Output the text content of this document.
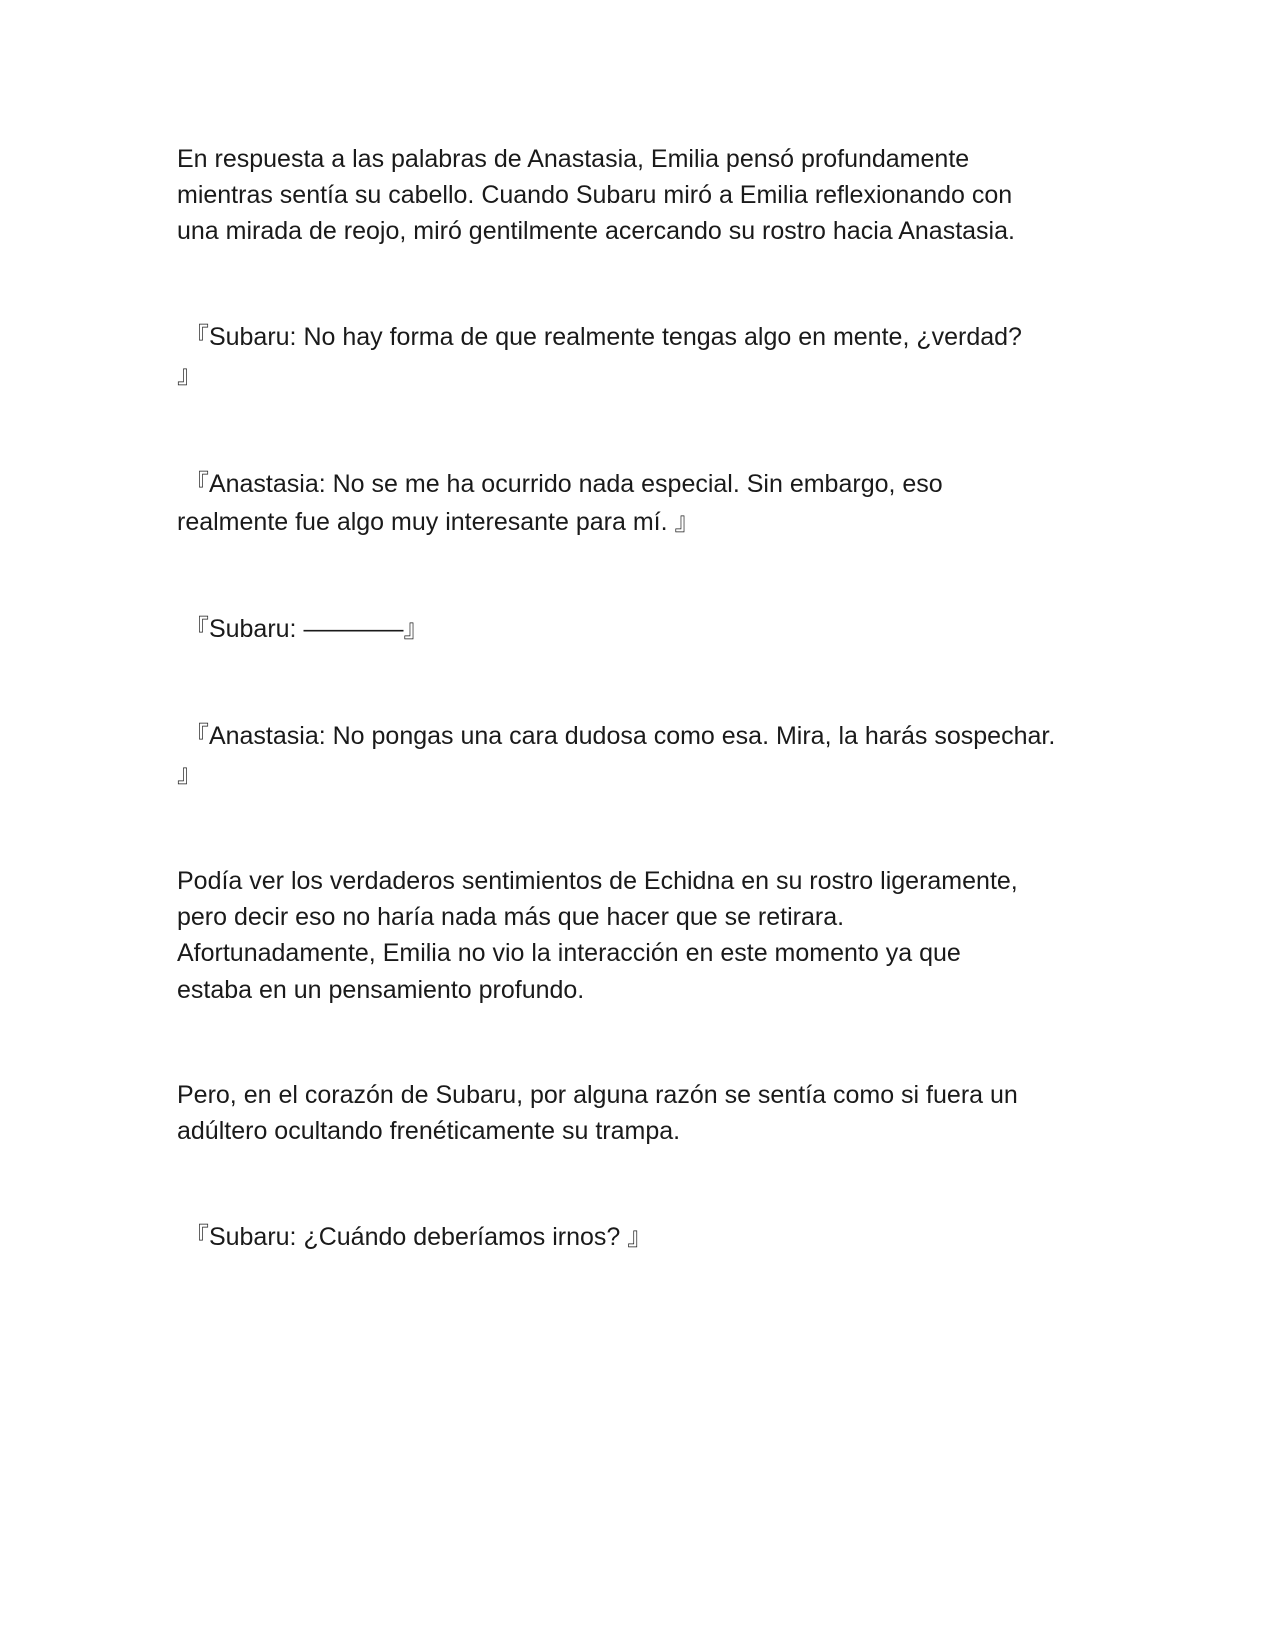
En respuesta a las palabras de Anastasia, Emilia pensó profundamente
mientras sentía su cabello. Cuando Subaru miró a Emilia reflexionando con
una mirada de reojo, miró gentilmente acercando su rostro hacia Anastasia.
『Subaru: No hay forma de que realmente tengas algo en mente, ¿verdad?
』
『Anastasia: No se me ha ocurrido nada especial. Sin embargo, eso
realmente fue algo muy interesante para mí. 』
『Subaru: ————』
『Anastasia: No pongas una cara dudosa como esa. Mira, la harás sospechar.
』
Podía ver los verdaderos sentimientos de Echidna en su rostro ligeramente,
pero decir eso no haría nada más que hacer que se retirara.
Afortunadamente, Emilia no vio la interacción en este momento ya que
estaba en un pensamiento profundo.
Pero, en el corazón de Subaru, por alguna razón se sentía como si fuera un
adúltero ocultando frenéticamente su trampa.
『Subaru: ¿Cuándo deberíamos irnos? 』
